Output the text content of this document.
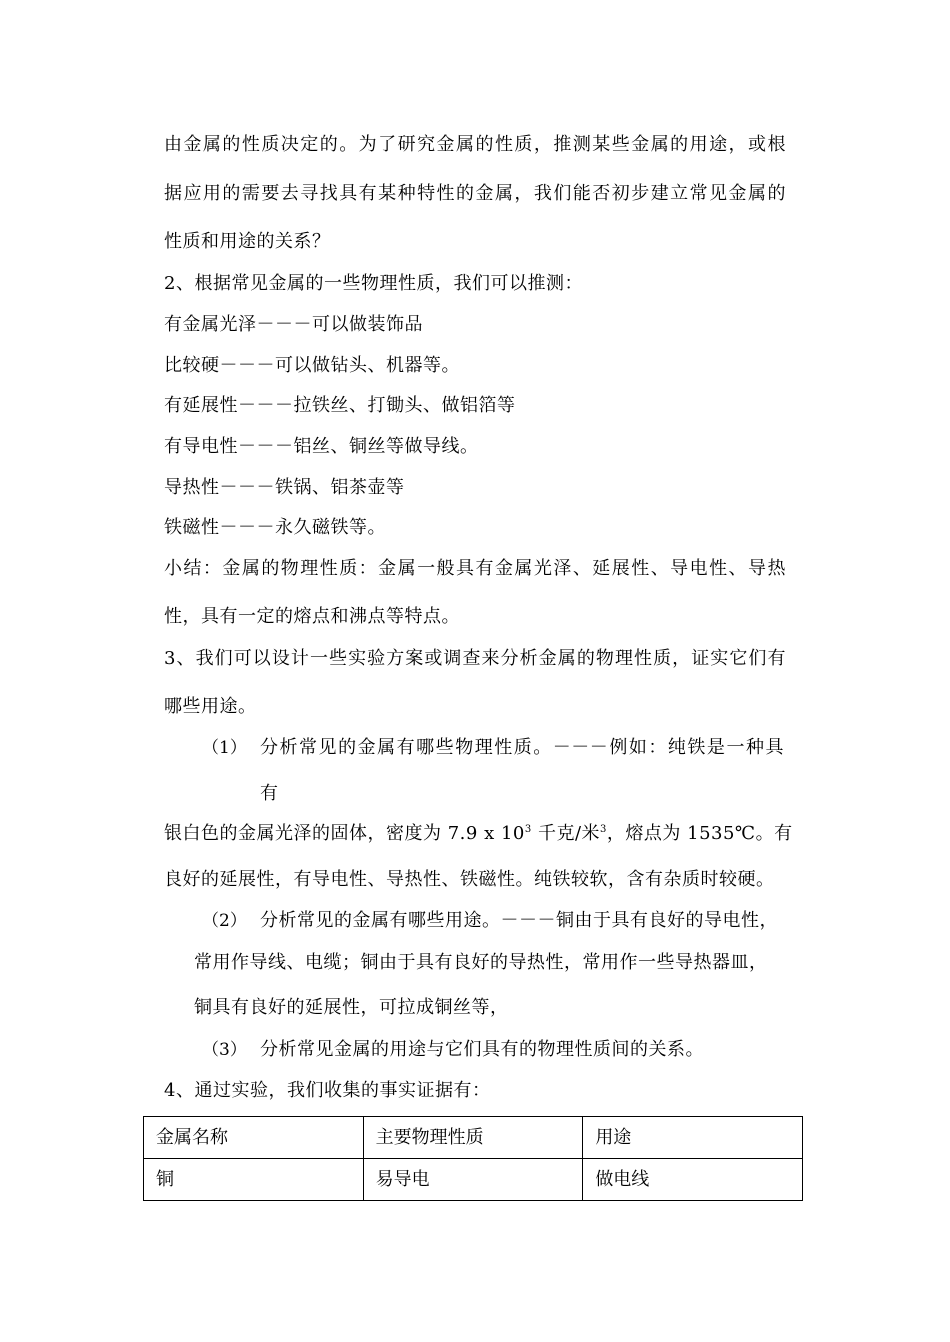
由金属的性质决定的。为了研究金属的性质，推测某些金属的用途，或根
据应用的需要去寻找具有某种特性的金属，我们能否初步建立常见金属的
性质和用途的关系？
2、根据常见金属的一些物理性质，我们可以推测：
有金属光泽－－－可以做装饰品
比较硬－－－可以做钻头、机器等。
有延展性－－－拉铁丝、打锄头、做铝箔等
有导电性－－－铝丝、铜丝等做导线。
导热性－－－铁锅、铝茶壶等
铁磁性－－－永久磁铁等。
小结：金属的物理性质：金属一般具有金属光泽、延展性、导电性、导热
性，具有一定的熔点和沸点等特点。
3、我们可以设计一些实验方案或调查来分析金属的物理性质，证实它们有
哪些用途。
（1） 分析常见的金属有哪些物理性质。－－－例如：纯铁是一种具
有
银白色的金属光泽的固体，密度为 7.9 x $10^3$ 千克/米$^3$，熔点为 1535℃。有
良好的延展性，有导电性、导热性、铁磁性。纯铁较软，含有杂质时较硬。
（2） 分析常见的金属有哪些用途。－－－铜由于具有良好的导电性，
常用作导线、电缆；铜由于具有良好的导热性，常用作一些导热器皿，
铜具有良好的延展性，可拉成铜丝等，
（3） 分析常见金属的用途与它们具有的物理性质间的关系。
4、通过实验，我们收集的事实证据有：
金属名称	主要物理性质	用途
铜	易导电	做电线
